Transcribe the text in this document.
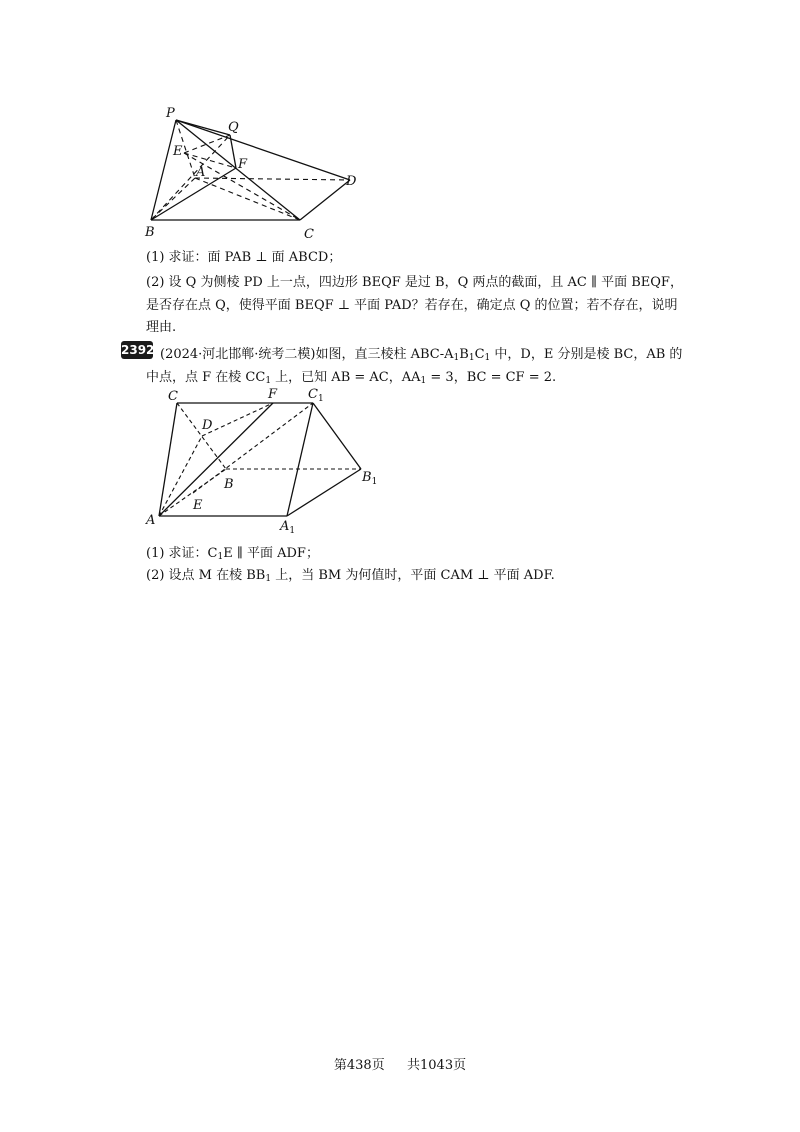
P
Q
E
F
A
D
B	C
(1) 求证：面 PAB ⊥ 面 ABCD；
(2) 设 Q 为侧棱 PD 上一点，四边形 BEQF 是过 B，Q 两点的截面，且 AC ∥ 平面 BEQF，
是否存在点 Q，使得平面 BEQF ⊥ 平面 PAD？若存在，确定点 Q 的位置；若不存在，说明
理由.
2392 (2024·河北邯郸·统考二模)如图，直三棱柱 ABC-$A_1B_1C_1$ 中，D，E 分别是棱 BC，AB 的
中点，点 F 在棱 $CC_1$ 上，已知 AB = AC，$AA_1 = 3$，BC = CF = 2.
C	F $C_1$
D
B	$B_1$
A
E
$A_1$
(1) 求证：$C_1E$ ∥ 平面 ADF；
(2) 设点 M 在棱 $BB_1$ 上，当 BM 为何值时，平面 CAM ⊥ 平面 ADF.
第438页 共1043页
